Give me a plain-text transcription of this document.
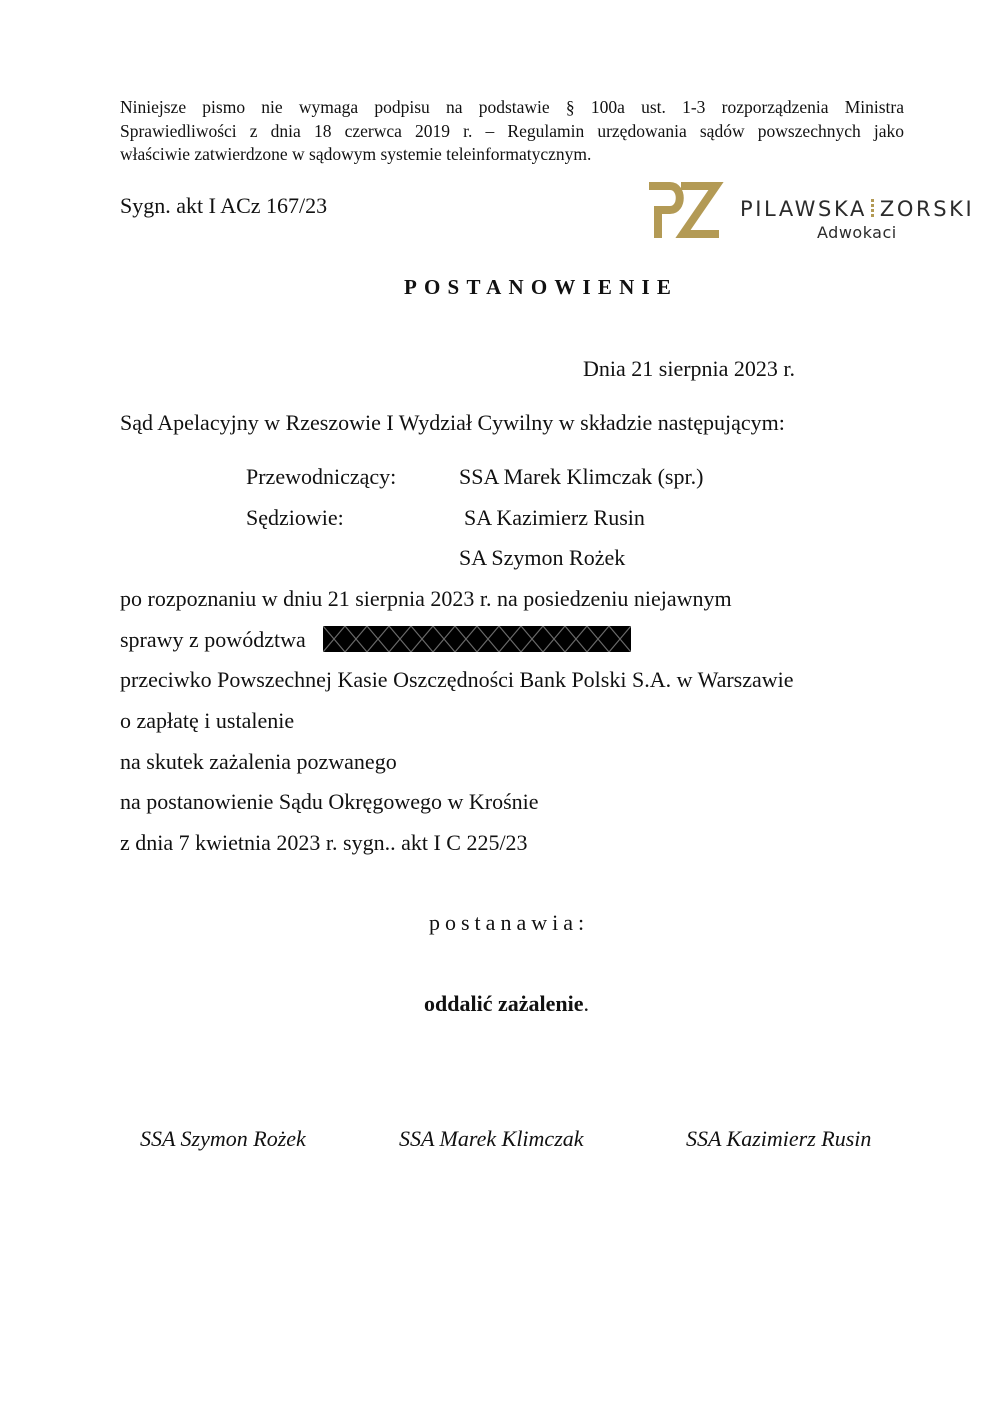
Niniejsze pismo nie wymaga podpisu na podstawie § 100a ust. 1-3 rozporządzenia Ministra
Sprawiedliwości z dnia 18 czerwca 2019 r. – Regulamin urzędowania sądów powszechnych jako
właściwie zatwierdzone w sądowym systemie teleinformatycznym.
Sygn. akt I ACz 167/23	PILAWSKA ZORSKI
Adwokaci
POSTANOWIENIE
Dnia 21 sierpnia 2023 r.
Sąd Apelacyjny w Rzeszowie I Wydział Cywilny w składzie następującym:
Przewodniczący:	SSA Marek Klimczak (spr.)
Sędziowie:	SA Kazimierz Rusin
SA Szymon Rożek
po rozpoznaniu w dniu 21 sierpnia 2023 r. na posiedzeniu niejawnym
sprawy z powództwa
przeciwko Powszechnej Kasie Oszczędności Bank Polski S.A. w Warszawie
o zapłatę i ustalenie
na skutek zażalenia pozwanego
na postanowienie Sądu Okręgowego w Krośnie
z dnia 7 kwietnia 2023 r. sygn.. akt I C 225/23
postanawia:
oddalić zażalenie.
SSA Szymon Rożek	SSA Marek Klimczak	SSA Kazimierz Rusin
